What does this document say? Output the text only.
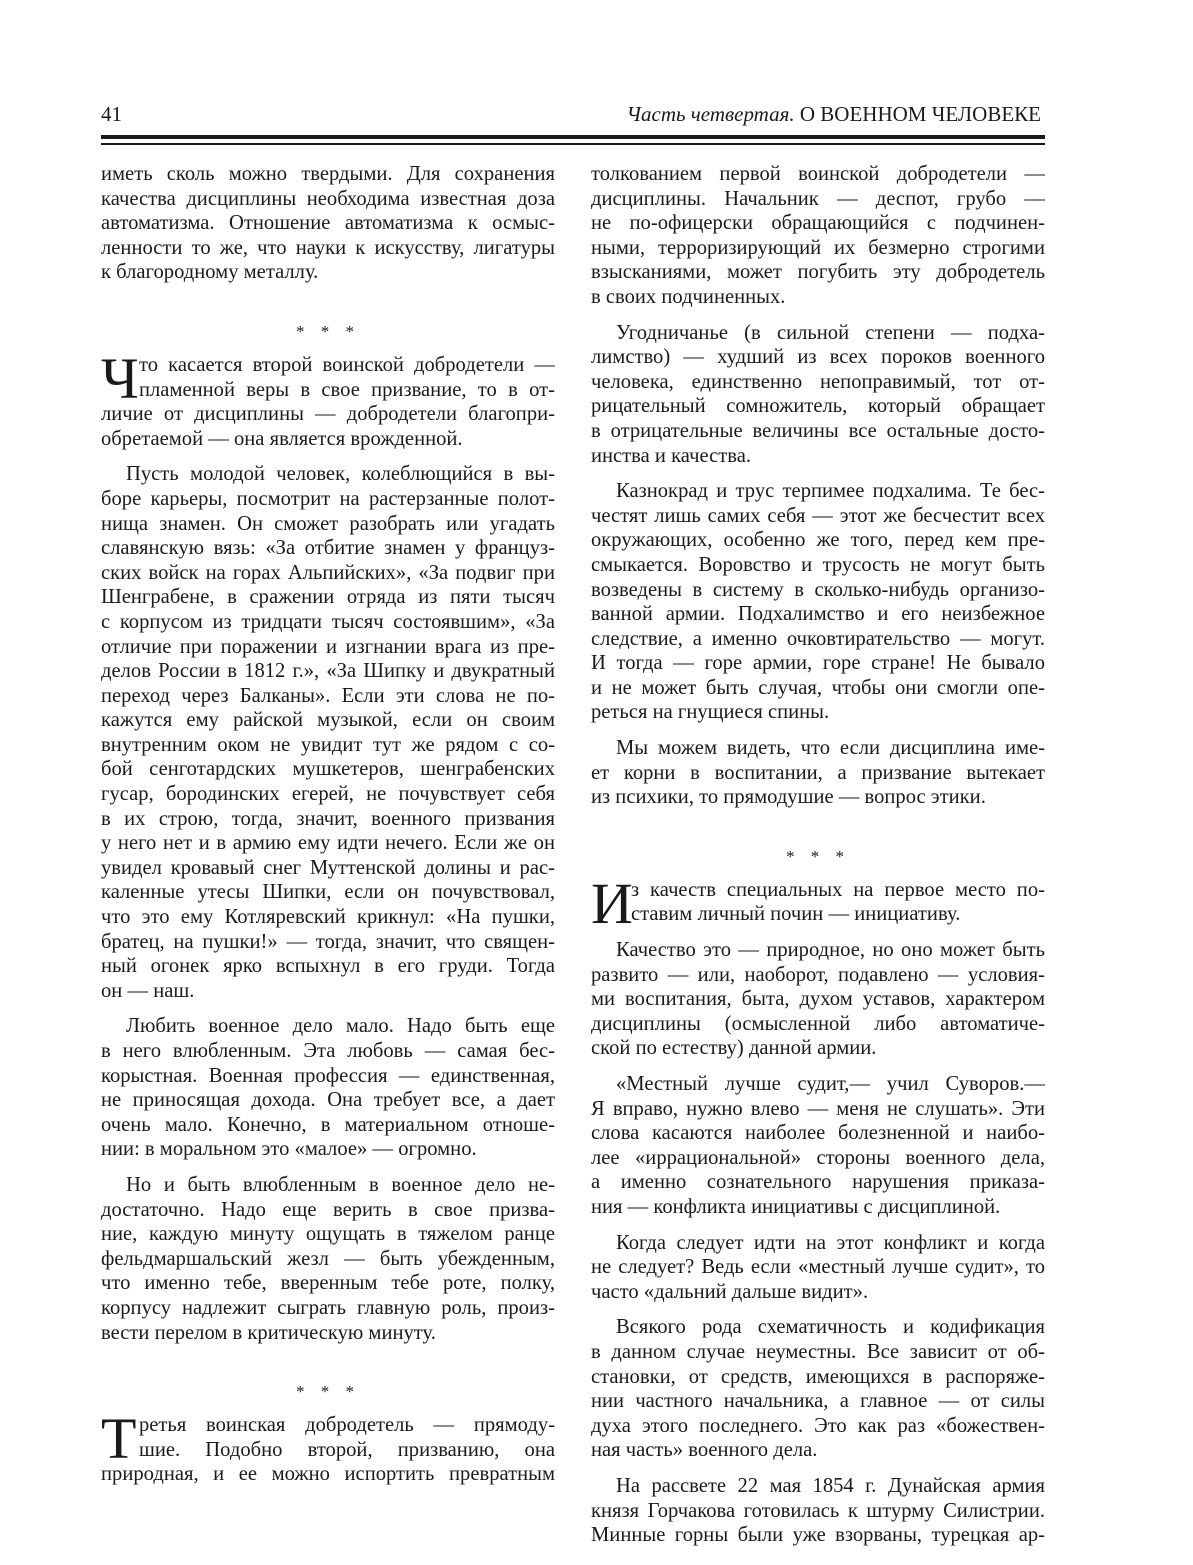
41	Часть четвертая. О ВОЕННОМ ЧЕЛОВЕКЕ
иметь сколь можно твердыми. Для сохранения
качества дисциплины необходима известная доза
автоматизма. Отношение автоматизма к осмыс-
ленности то же, что науки к искусству, лигатуры
к благородному металлу.
* * *
Ч то касается второй воинской добродетели —
пламенной веры в свое призвание, то в от-
личие от дисциплины — добродетели благопри-
обретаемой — она является врожденной.
Пусть молодой человек, колеблющийся в вы-
боре карьеры, посмотрит на растерзанные полот-
нища знамен. Он сможет разобрать или угадать
славянскую вязь: «За отбитие знамен у француз-
ских войск на горах Альпийских», «За подвиг при
Шенграбене, в сражении отряда из пяти тысяч
с корпусом из тридцати тысяч состоявшим», «За
отличие при поражении и изгнании врага из пре-
делов России в 1812 г.», «За Шипку и двукратный
переход через Балканы». Если эти слова не по-
кажутся ему райской музыкой, если он своим
внутренним оком не увидит тут же рядом с со-
бой сенготардских мушкетеров, шенграбенских
гусар, бородинских егерей, не почувствует себя
в их строю, тогда, значит, военного призвания
у него нет и в армию ему идти нечего. Если же он
увидел кровавый снег Муттенской долины и рас-
каленные утесы Шипки, если он почувствовал,
что это ему Котляревский крикнул: «На пушки,
братец, на пушки!» — тогда, значит, что священ-
ный огонек ярко вспыхнул в его груди. Тогда
он — наш.
Любить военное дело мало. Надо быть еще
в него влюбленным. Эта любовь — самая бес-
корыстная. Военная профессия — единственная,
не приносящая дохода. Она требует все, а дает
очень мало. Конечно, в материальном отноше-
нии: в моральном это «малое» — огромно.
Но и быть влюбленным в военное дело не-
достаточно. Надо еще верить в свое призва-
ние, каждую минуту ощущать в тяжелом ранце
фельдмаршальский жезл — быть убежденным,
что именно тебе, вверенным тебе роте, полку,
корпусу надлежит сыграть главную роль, произ-
вести перелом в критическую минуту.
* * *
Т ретья воинская добродетель — прямоду-
шие. Подобно второй, призванию, она
природная, и ее можно испортить превратным
толкованием первой воинской добродетели —
дисциплины. Начальник — деспот, грубо —
не по-офицерски обращающийся с подчинен-
ными, терроризирующий их безмерно строгими
взысканиями, может погубить эту добродетель
в своих подчиненных.
Угодничанье (в сильной степени — подха-
лимство) — худший из всех пороков военного
человека, единственно непоправимый, тот от-
рицательный сомножитель, который обращает
в отрицательные величины все остальные досто-
инства и качества.
Казнокрад и трус терпимее подхалима. Те бес-
честят лишь самих себя — этот же бесчестит всех
окружающих, особенно же того, перед кем пре-
смыкается. Воровство и трусость не могут быть
возведены в систему в сколько-нибудь организо-
ванной армии. Подхалимство и его неизбежное
следствие, а именно очковтирательство — могут.
И тогда — горе армии, горе стране! Не бывало
и не может быть случая, чтобы они смогли опе-
реться на гнущиеся спины.
Мы можем видеть, что если дисциплина име-
ет корни в воспитании, а призвание вытекает
из психики, то прямодушие — вопрос этики.
* * *
И
з качеств специальных на первое место по-
ставим личный почин — инициативу.
Качество это — природное, но оно может быть
развито — или, наоборот, подавлено — условия-
ми воспитания, быта, духом уставов, характером
дисциплины (осмысленной либо автоматиче-
ской по естеству) данной армии.
«Местный лучше судит,— учил Суворов.—
Я вправо, нужно влево — меня не слушать». Эти
слова касаются наиболее болезненной и наибо-
лее «иррациональной» стороны военного дела,
а именно сознательного нарушения приказа-
ния — конфликта инициативы с дисциплиной.
Когда следует идти на этот конфликт и когда
не следует? Ведь если «местный лучше судит», то
часто «дальний дальше видит».
Всякого рода схематичность и кодификация
в данном случае неуместны. Все зависит от об-
становки, от средств, имеющихся в распоряже-
нии частного начальника, а главное — от силы
духа этого последнего. Это как раз «божествен-
ная часть» военного дела.
На рассвете 22 мая 1854 г. Дунайская армия
князя Горчакова готовилась к штурму Силистрии.
Минные горны были уже взорваны, турецкая ар-
